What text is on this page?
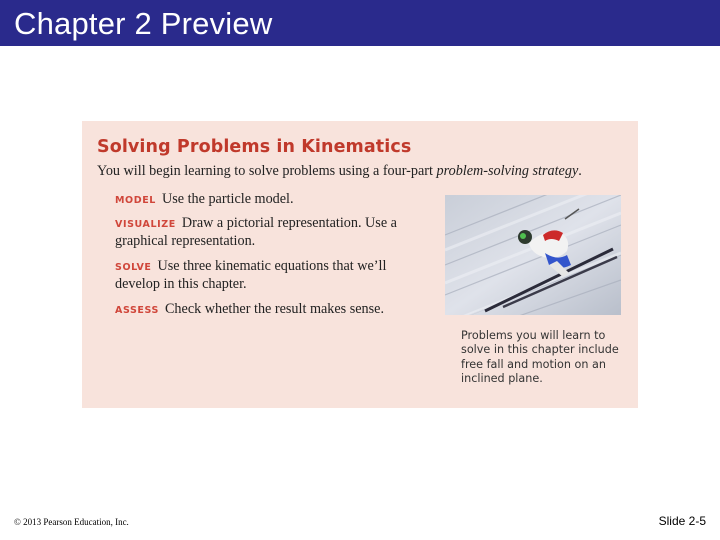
Chapter 2 Preview
Solving Problems in Kinematics
You will begin learning to solve problems using a four-part problem-solving strategy.
MODEL Use the particle model.
VISUALIZE Draw a pictorial representation. Use a
graphical representation.
SOLVE Use three kinematic equations that we’ll
develop in this chapter.
ASSESS Check whether the result makes sense.
Problems you will learn to
solve in this chapter include
free fall and motion on an
inclined plane.
© 2013 Pearson Education, Inc.	Slide 2-5
